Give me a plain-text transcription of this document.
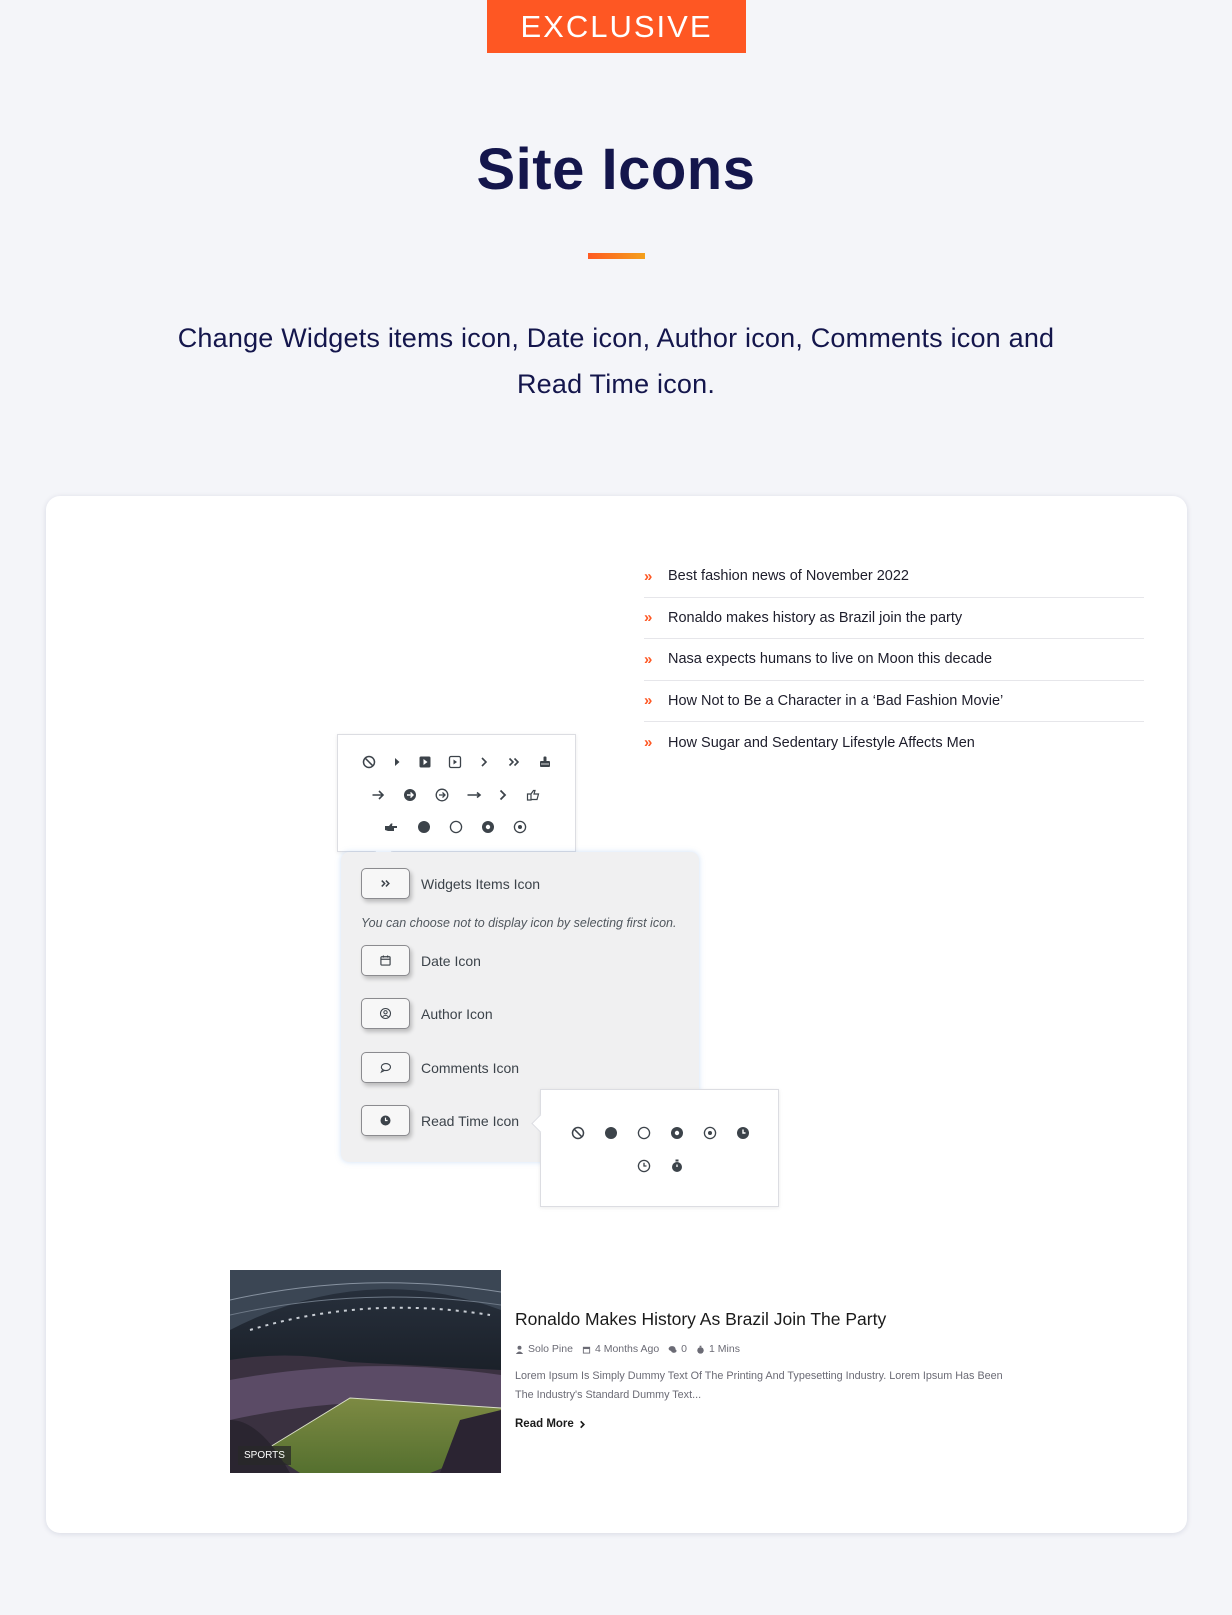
EXCLUSIVE
Site Icons

Change Widgets items icon, Date icon, Author icon, Comments icon and Read Time icon.

»	Best fashion news of November 2022
»	Ronaldo makes history as Brazil join the party
»	Nasa expects humans to live on Moon this decade
»	How Not to Be a Character in a ‘Bad Fashion Movie’
»	How Sugar and Sedentary Lifestyle Affects Men
Widgets Items Icon
You can choose not to display icon by selecting first icon.
Date Icon
Author Icon
Comments Icon
Read Time Icon
SPORTS
Ronaldo Makes History As Brazil Join The Party
Solo Pine 4 Months Ago 0 1 Mins

Lorem Ipsum Is Simply Dummy Text Of The Printing And Typesetting Industry. Lorem Ipsum Has Been The Industry's Standard Dummy Text...

Read More
